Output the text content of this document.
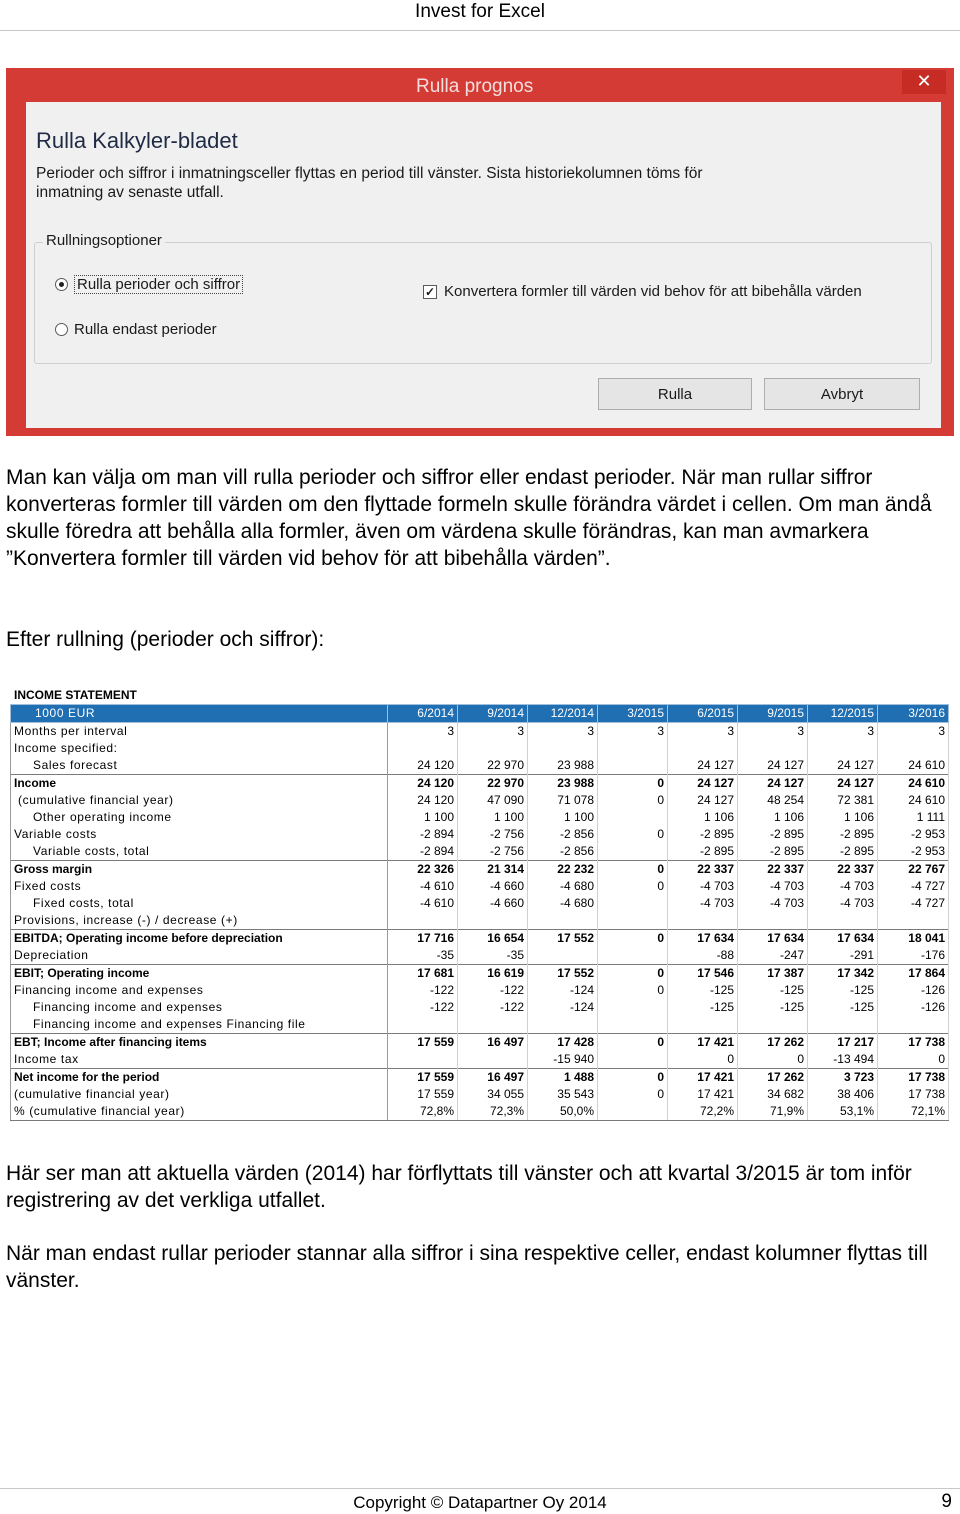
Invest for Excel
Rulla prognos	✕
Rulla Kalkyler-bladet
Perioder och siffror i inmatningsceller flyttas en period till vänster. Sista historiekolumnen töms för inmatning av senaste utfall.
Rullningsoptioner
Rulla perioder och siffror
Rulla endast perioder
✓ Konvertera formler till värden vid behov för att bibehålla värden
Rulla	Avbryt
Man kan välja om man vill rulla perioder och siffror eller endast perioder. När man rullar siffror konverteras formler till värden om den flyttade formeln skulle förändra värdet i cellen. Om man ändå skulle föredra att behålla alla formler, även om värdena skulle förändras, kan man avmarkera ”Konvertera formler till värden vid behov för att bibehålla värden”.
Efter rullning (perioder och siffror):
INCOME STATEMENT
1000 EUR	6/2014	9/2014	12/2014	3/2015	6/2015	9/2015	12/2015	3/2016
Months per interval	3	3	3	3	3	3	3	3
Income specified:								
Sales forecast	24 120	22 970	23 988		24 127	24 127	24 127	24 610
Income	24 120	22 970	23 988	0	24 127	24 127	24 127	24 610
(cumulative financial year)	24 120	47 090	71 078	0	24 127	48 254	72 381	24 610
Other operating income	1 100	1 100	1 100		1 106	1 106	1 106	1 111
Variable costs	-2 894	-2 756	-2 856	0	-2 895	-2 895	-2 895	-2 953
Variable costs, total	-2 894	-2 756	-2 856		-2 895	-2 895	-2 895	-2 953
Gross margin	22 326	21 314	22 232	0	22 337	22 337	22 337	22 767
Fixed costs	-4 610	-4 660	-4 680	0	-4 703	-4 703	-4 703	-4 727
Fixed costs, total	-4 610	-4 660	-4 680		-4 703	-4 703	-4 703	-4 727
Provisions, increase (-) / decrease (+)								
EBITDA; Operating income before depreciation	17 716	16 654	17 552	0	17 634	17 634	17 634	18 041
Depreciation	-35	-35			-88	-247	-291	-176
EBIT; Operating income	17 681	16 619	17 552	0	17 546	17 387	17 342	17 864
Financing income and expenses	-122	-122	-124	0	-125	-125	-125	-126
Financing income and expenses	-122	-122	-124		-125	-125	-125	-126
Financing income and expenses Financing file								
EBT; Income after financing items	17 559	16 497	17 428	0	17 421	17 262	17 217	17 738
Income tax			-15 940		0	0	-13 494	0
Net income for the period	17 559	16 497	1 488	0	17 421	17 262	3 723	17 738
(cumulative financial year)	17 559	34 055	35 543	0	17 421	34 682	38 406	17 738
% (cumulative financial year)	72,8%	72,3%	50,0%		72,2%	71,9%	53,1%	72,1%
Här ser man att aktuella värden (2014) har förflyttats till vänster och att kvartal 3/2015 är tom inför registrering av det verkliga utfallet.
När man endast rullar perioder stannar alla siffror i sina respektive celler, endast kolumner flyttas till vänster.
Copyright © Datapartner Oy 2014	9
